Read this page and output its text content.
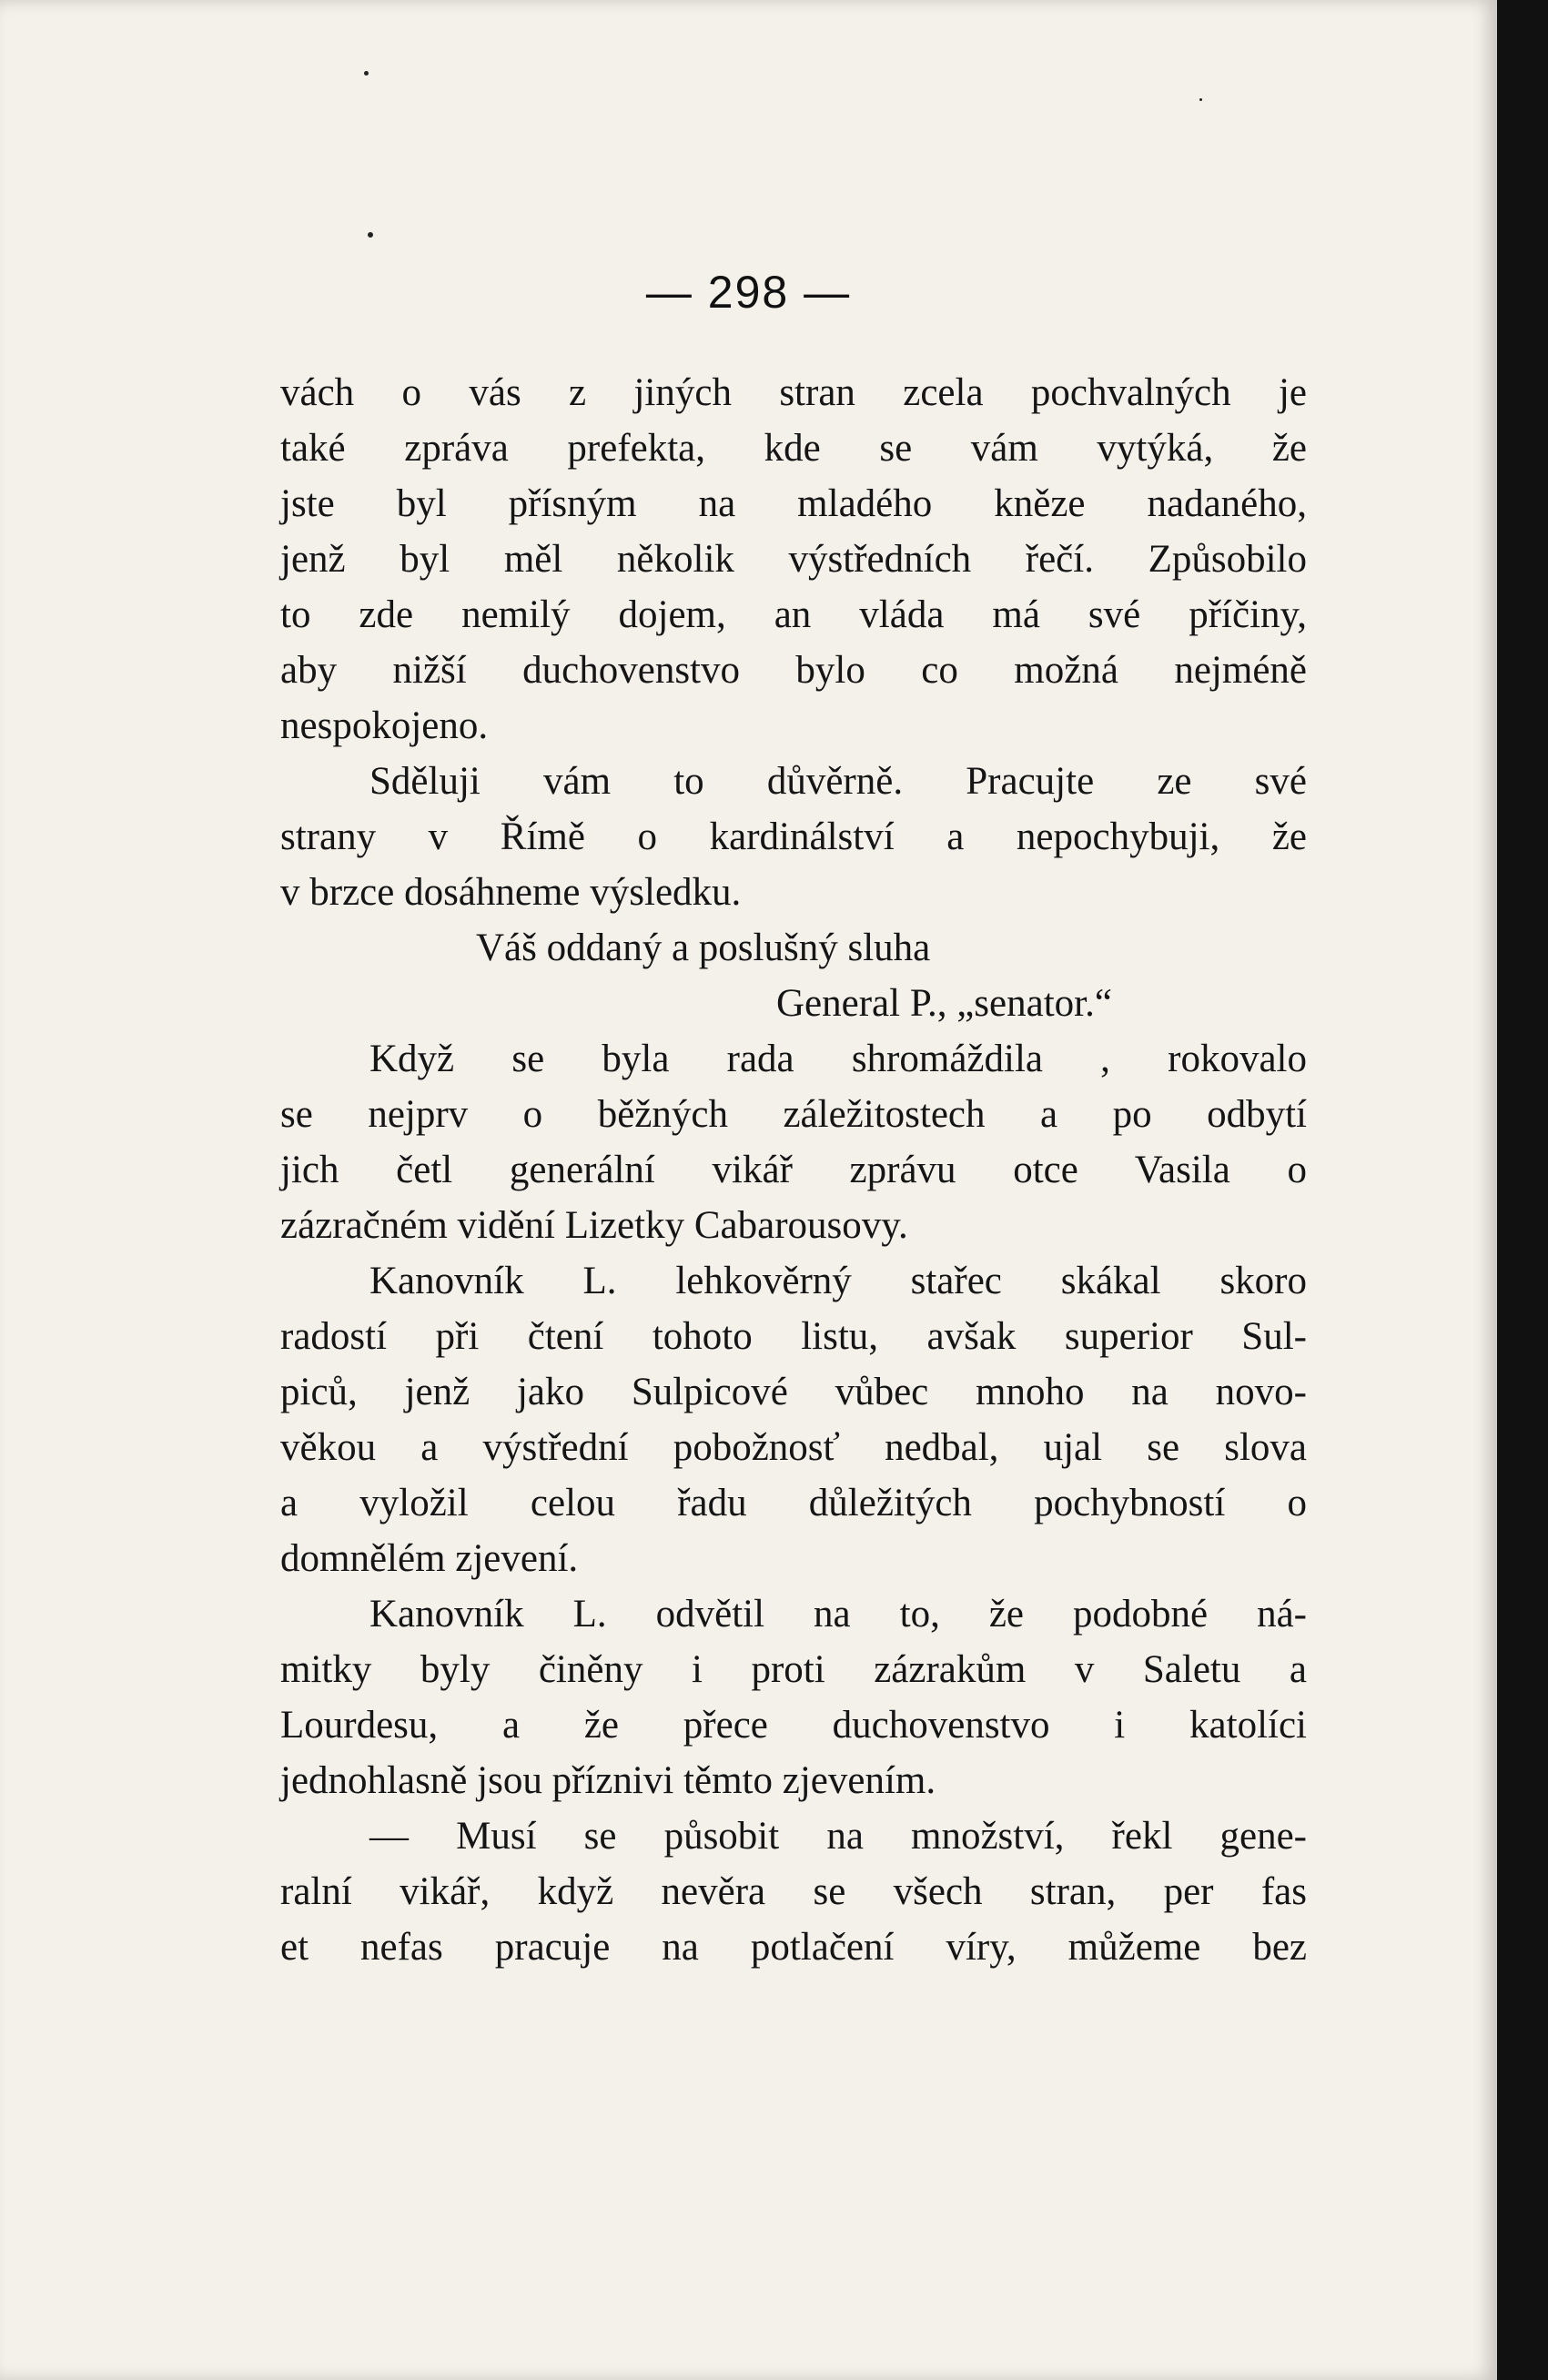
— 298 —
vách o vás z jiných stran zcela pochvalných je
také zpráva prefekta, kde se vám vytýká, že
jste byl přísným na mladého kněze nadaného,
jenž byl měl několik výstředních řečí. Způsobilo
to zde nemilý dojem, an vláda má své příčiny,
aby nižší duchovenstvo bylo co možná nejméně
nespokojeno.
Sděluji vám to důvěrně. Pracujte ze své
strany v Římě o kardinálství a nepochybuji, že
v brzce dosáhneme výsledku.
Váš oddaný a poslušný sluha
General P., „senator.“
Když se byla rada shromáždila , rokovalo
se nejprv o běžných záležitostech a po odbytí
jich četl generální vikář zprávu otce Vasila o
zázračném vidění Lizetky Cabarousovy.
Kanovník L. lehkověrný stařec skákal skoro
radostí při čtení tohoto listu, avšak superior Sul-
piců, jenž jako Sulpicové vůbec mnoho na novo-
věkou a výstřední pobožnosť nedbal, ujal se slova
a vyložil celou řadu důležitých pochybností o
domnělém zjevení.
Kanovník L. odvětil na to, že podobné ná-
mitky byly činěny i proti zázrakům v Saletu a
Lourdesu, a že přece duchovenstvo i katolíci
jednohlasně jsou příznivi těmto zjevením.
— Musí se působit na množství, řekl gene-
ralní vikář, když nevěra se všech stran, per fas
et nefas pracuje na potlačení víry, můžeme bez
